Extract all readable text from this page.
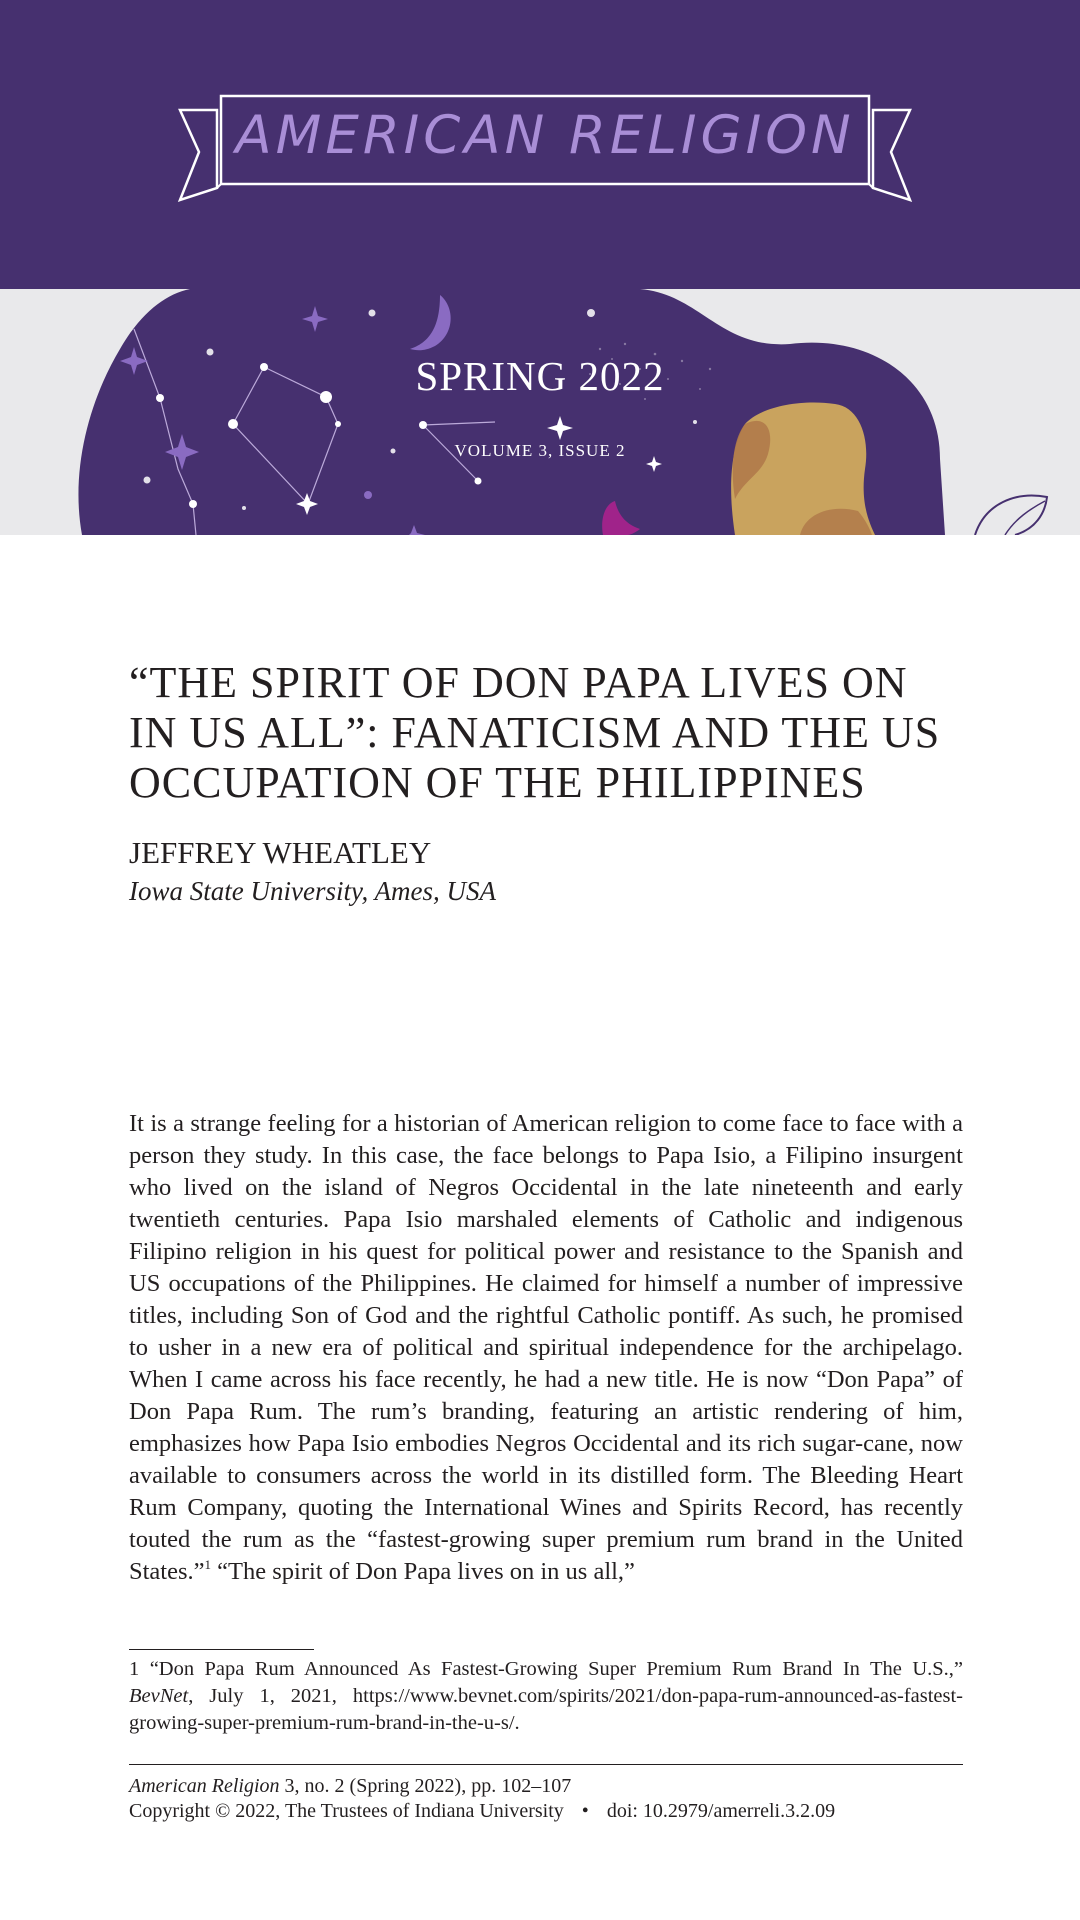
AMERICAN RELIGION
SPRING 2022
VOLUME 3, ISSUE 2
“THE SPIRIT OF DON PAPA LIVES ON
IN US ALL”: FANATICISM AND THE US
OCCUPATION OF THE PHILIPPINES
JEFFREY WHEATLEY
Iowa State University, Ames, USA
It is a strange feeling for a historian of American religion to come face to face with a person they study. In this case, the face belongs to Papa Isio, a Filipino insurgent who lived on the island of Negros Occidental in the late nineteenth and early twentieth centuries. Papa Isio marshaled elements of Catholic and indigenous Filipino religion in his quest for political power and resistance to the Spanish and US occupations of the Philippines. He claimed for himself a number of impressive titles, including Son of God and the rightful Catholic pontiff. As such, he promised to usher in a new era of political and spiritual independence for the archipelago. When I came across his face recently, he had a new title. He is now “Don Papa” of Don Papa Rum. The rum’s branding, featuring an artistic rendering of him, emphasizes how Papa Isio embodies Negros Occidental and its rich sugar-cane, now available to consumers across the world in its distilled form. The Bleeding Heart Rum Company, quoting the International Wines and Spirits Record, has recently touted the rum as the “fastest-growing super premium rum brand in the United States.”$^1$ “The spirit of Don Papa lives on in us all,”
1 “Don Papa Rum Announced As Fastest-Growing Super Premium Rum Brand In The U.S.,” BevNet, July 1, 2021, https://www.bevnet.com/spirits/2021/don-papa-rum-announced-as-fastest-growing-super-premium-rum-brand-in-the-u-s/.
American Religion 3, no. 2 (Spring 2022), pp. 102–107
Copyright © 2022, The Trustees of Indiana University • doi: 10.2979/amerreli.3.2.09
